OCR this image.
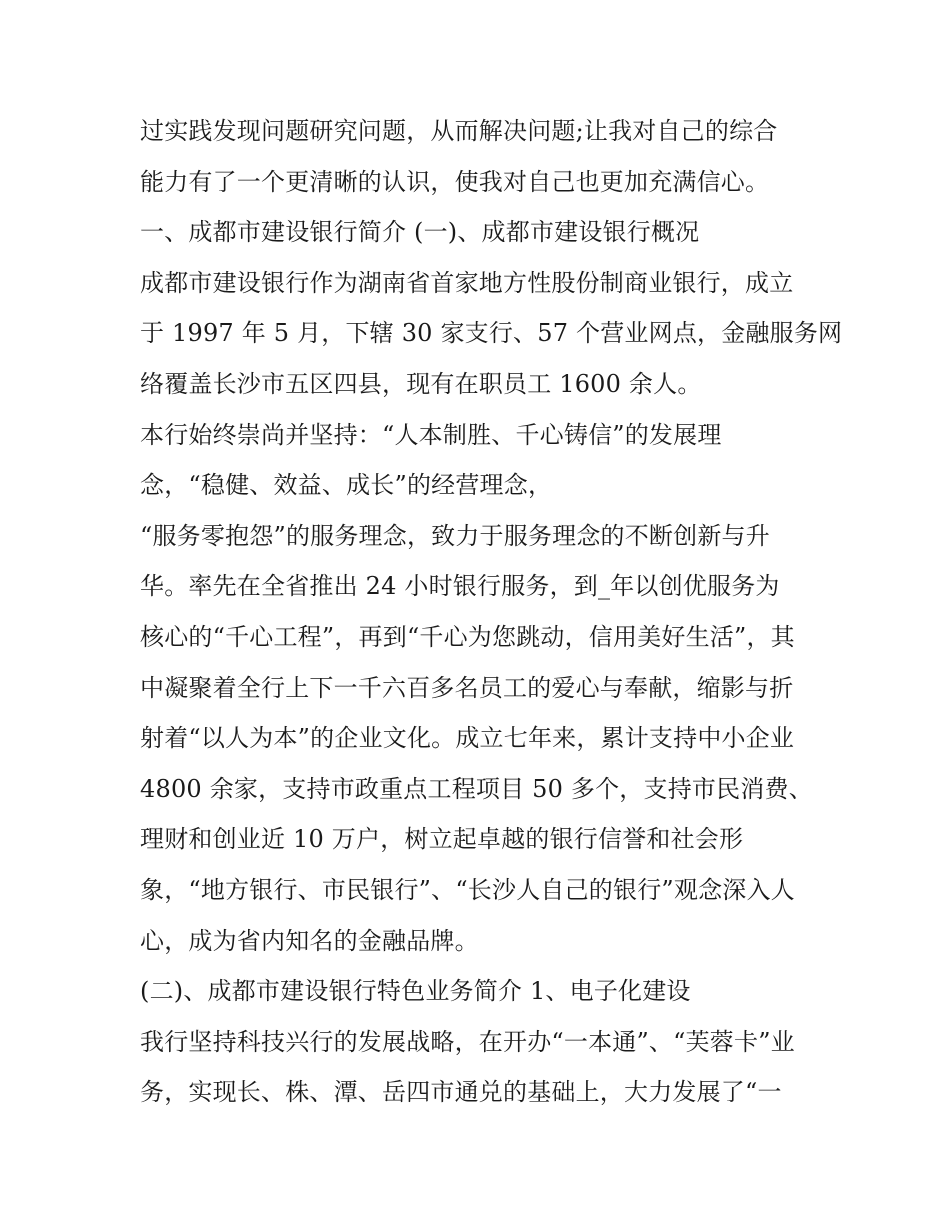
过实践发现问题研究问题，从而解决问题;让我对自己的综合
能力有了一个更清晰的认识，使我对自己也更加充满信心。
一、成都市建设银行简介 (一)、成都市建设银行概况
成都市建设银行作为湖南省首家地方性股份制商业银行，成立
于 1997 年 5 月，下辖 30 家支行、57 个营业网点，金融服务网
络覆盖长沙市五区四县，现有在职员工 1600 余人。
本行始终崇尚并坚持：“人本制胜、千心铸信”的发展理
念，“稳健、效益、成长”的经营理念，
“服务零抱怨”的服务理念，致力于服务理念的不断创新与升
华。率先在全省推出 24 小时银行服务，到_年以创优服务为
核心的“千心工程”，再到“千心为您跳动，信用美好生活”，其
中凝聚着全行上下一千六百多名员工的爱心与奉献，缩影与折
射着“以人为本”的企业文化。成立七年来，累计支持中小企业
4800 余家，支持市政重点工程项目 50 多个，支持市民消费、
理财和创业近 10 万户，树立起卓越的银行信誉和社会形
象，“地方银行、市民银行”、“长沙人自己的银行”观念深入人
心，成为省内知名的金融品牌。
(二)、成都市建设银行特色业务简介 1、电子化建设
我行坚持科技兴行的发展战略，在开办“一本通”、“芙蓉卡”业
务，实现长、株、潭、岳四市通兑的基础上，大力发展了“一
